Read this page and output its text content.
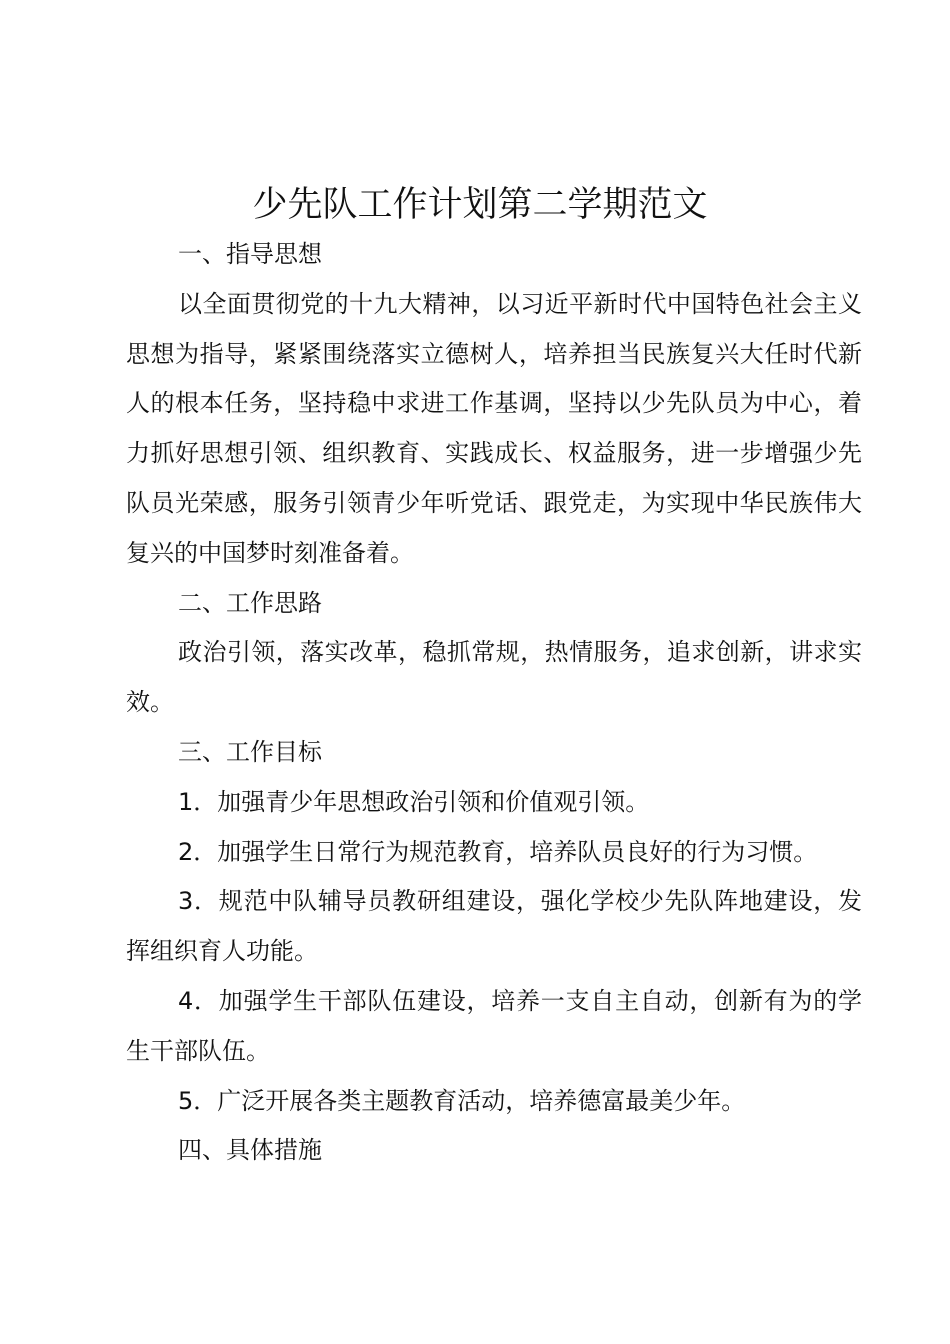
少先队工作计划第二学期范文

一、指导思想

以全面贯彻党的十九大精神，以习近平新时代中国特色社会主义思想为指导，紧紧围绕落实立德树人，培养担当民族复兴大任时代新人的根本任务，坚持稳中求进工作基调，坚持以少先队员为中心，着力抓好思想引领、组织教育、实践成长、权益服务，进一步增强少先队员光荣感，服务引领青少年听党话、跟党走，为实现中华民族伟大复兴的中国梦时刻准备着。

二、工作思路

政治引领，落实改革，稳抓常规，热情服务，追求创新，讲求实效。

三、工作目标

1．加强青少年思想政治引领和价值观引领。

2．加强学生日常行为规范教育，培养队员良好的行为习惯。

3．规范中队辅导员教研组建设，强化学校少先队阵地建设，发挥组织育人功能。

4．加强学生干部队伍建设，培养一支自主自动，创新有为的学生干部队伍。

5．广泛开展各类主题教育活动，培养德富最美少年。

四、具体措施
